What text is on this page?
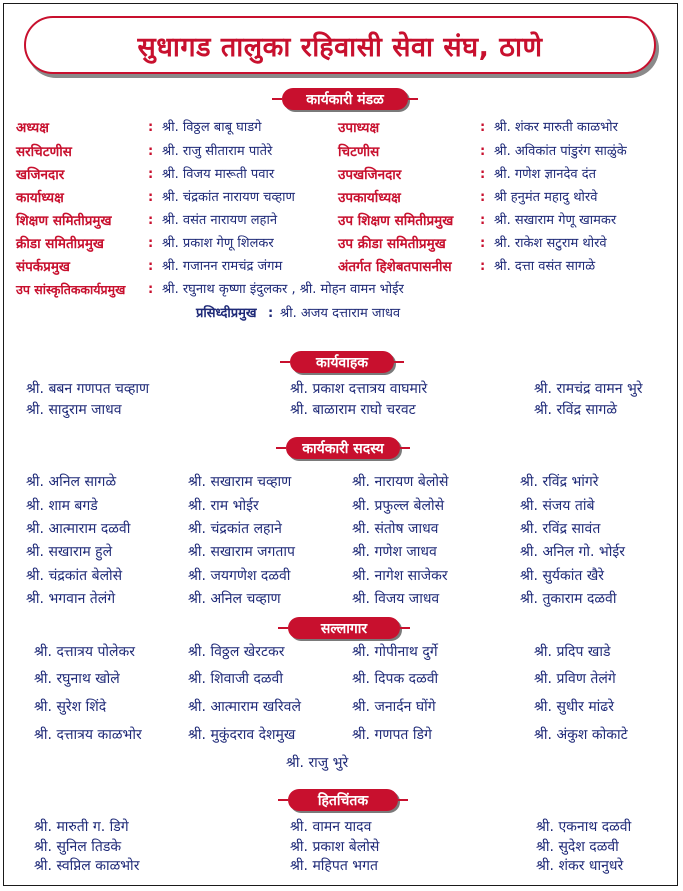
सुधागड तालुका रहिवासी सेवा संघ, ठाणे
कार्यकारी मंडळ
कार्यवाहक
कार्यकारी सदस्य
सल्लागार
हितचिंतक
अध्यक्ष	: श्री. विठ्ठल बाबू घाडगे	उपाध्यक्ष	: श्री. शंकर मारुती काळभोर
सरचिटणीस	: श्री. राजु सीताराम पातेरे	चिटणीस	: श्री. अविकांत पांडुरंग साळुंके
खजिनदार	: श्री. विजय मारूती पवार	उपखजिनदार	: श्री. गणेश ज्ञानदेव दंत
कार्याध्यक्ष	: श्री. चंद्रकांत नारायण चव्हाण	उपकार्याध्यक्ष	: श्री हनुमंत महादु थोरवे
शिक्षण समितीप्रमुख	: श्री. वसंत नारायण लहाने	उप शिक्षण समितीप्रमुख : श्री. सखाराम गेणू खामकर
क्रीडा समितीप्रमुख	: श्री. प्रकाश गेणू शिलकर	उप क्रीडा समितीप्रमुख	: श्री. राकेश सटुराम थोरवे
संपर्कप्रमुख	: श्री. गजानन रामचंद्र जंगम	अंतर्गत हिशेबतपासनीस : श्री. दत्ता वसंत सागळे
उप सांस्कृतिककार्यप्रमुख : श्री. रघुनाथ कृष्णा इंदुलकर , श्री. मोहन वामन भोईर
प्रसिध्दीप्रमुख : श्री. अजय दत्ताराम जाधव
श्री. बबन गणपत चव्हाण	श्री. प्रकाश दत्तात्रय वाघमारे	श्री. रामचंद्र वामन भुरे
श्री. सादुराम जाधव	श्री. बाळाराम राघो चरवट	श्री. रविंद्र सागळे
श्री. अनिल सागळे	श्री. सखाराम चव्हाण	श्री. नारायण बेलोसे	श्री. रविंद्र भांगरे
श्री. शाम बगडे	श्री. राम भोईर	श्री. प्रफुल्ल बेलोसे	श्री. संजय तांबे
श्री. आत्माराम दळवी	श्री. चंद्रकांत लहाने	श्री. संतोष जाधव	श्री. रविंद्र सावंत
श्री. सखाराम हुले	श्री. सखाराम जगताप	श्री. गणेश जाधव	श्री. अनिल गो. भोईर
श्री. चंद्रकांत बेलोसे	श्री. जयगणेश दळवी	श्री. नागेश साजेकर	श्री. सुर्यकांत खैरे
श्री. भगवान तेलंगे	श्री. अनिल चव्हाण	श्री. विजय जाधव	श्री. तुकाराम दळवी
श्री. दत्तात्रय पोलेकर	श्री. विठ्ठल खेरटकर	श्री. गोपीनाथ दुर्गे	श्री. प्रदिप खाडे
श्री. रघुनाथ खोले	श्री. शिवाजी दळवी	श्री. दिपक दळवी	श्री. प्रविण तेलंगे
श्री. सुरेश शिंदे	श्री. आत्माराम खरिवले	श्री. जनार्दन घोंगे	श्री. सुधीर मांढरे
श्री. दत्तात्रय काळभोर	श्री. मुकुंदराव देशमुख	श्री. गणपत डिगे	श्री. अंकुश कोकाटे
श्री. राजु भुरे
श्री. मारुती ग. डिगे	श्री. वामन यादव	श्री. एकनाथ दळवी
श्री. सुनिल तिडके	श्री. प्रकाश बेलोसे	श्री. सुदेश दळवी
श्री. स्वप्निल काळभोर	श्री. महिपत भगत	श्री. शंकर धानुधरे
